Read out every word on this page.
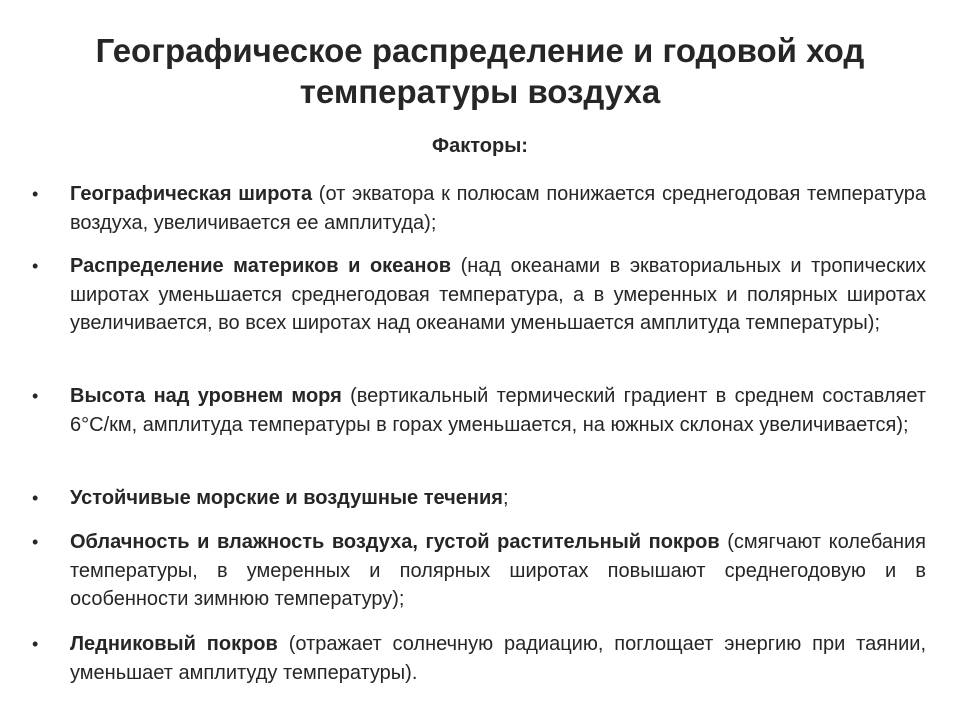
Географическое распределение и годовой ход температуры воздуха
Факторы:
•	Географическая широта (от экватора к полюсам понижается среднегодовая температура воздуха, увеличивается ее амплитуда);
•	Распределение материков и океанов (над океанами в экваториальных и тропических широтах уменьшается среднегодовая температура, а в умеренных и полярных широтах увеличивается, во всех широтах над океанами уменьшается амплитуда температуры);
•	Высота над уровнем моря (вертикальный термический градиент в среднем составляет 6°С/км, амплитуда температуры в горах уменьшается, на южных склонах увеличивается);
•	Устойчивые морские и воздушные течения;
•	Облачность и влажность воздуха, густой растительный покров (смягчают колебания температуры, в умеренных и полярных широтах повышают среднегодовую и в особенности зимнюю температуру);
•	Ледниковый покров (отражает солнечную радиацию, поглощает энергию при таянии, уменьшает амплитуду температуры).
